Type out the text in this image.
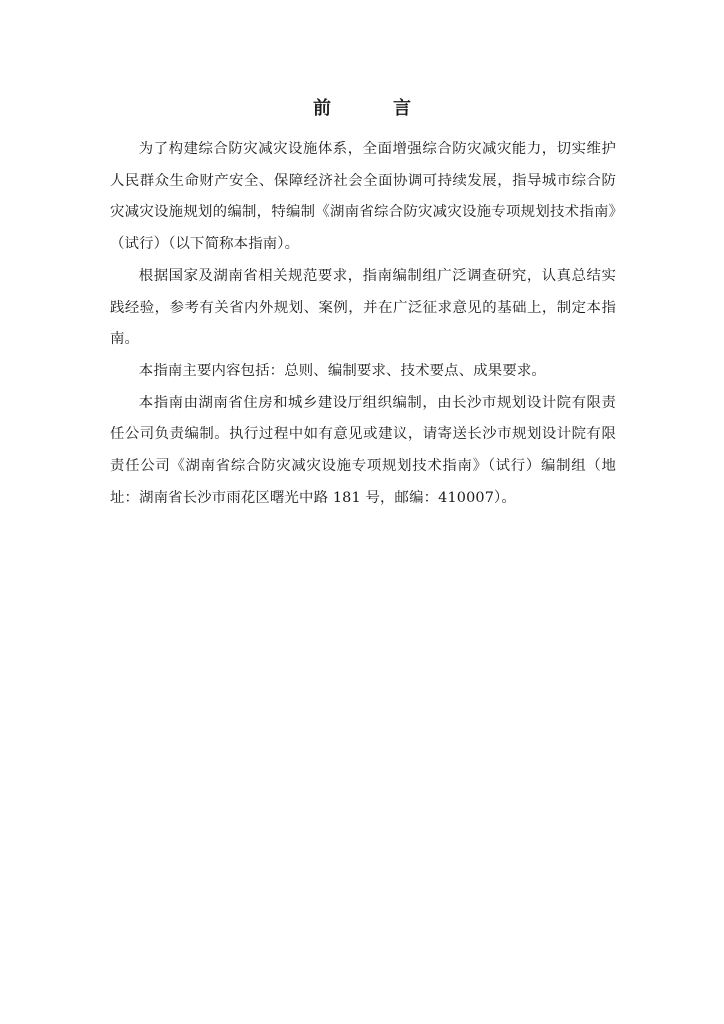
前　言

为了构建综合防灾减灾设施体系，全面增强综合防灾减灾能力，切实维护人民群众生命财产安全、保障经济社会全面协调可持续发展，指导城市综合防灾减灾设施规划的编制，特编制《湖南省综合防灾减灾设施专项规划技术指南》（试行）（以下简称本指南）。

根据国家及湖南省相关规范要求，指南编制组广泛调查研究，认真总结实践经验，参考有关省内外规划、案例，并在广泛征求意见的基础上，制定本指南。

本指南主要内容包括：总则、编制要求、技术要点、成果要求。

本指南由湖南省住房和城乡建设厅组织编制，由长沙市规划设计院有限责任公司负责编制。执行过程中如有意见或建议，请寄送长沙市规划设计院有限责任公司《湖南省综合防灾减灾设施专项规划技术指南》（试行）编制组（地址：湖南省长沙市雨花区曙光中路 181 号，邮编：410007）。
